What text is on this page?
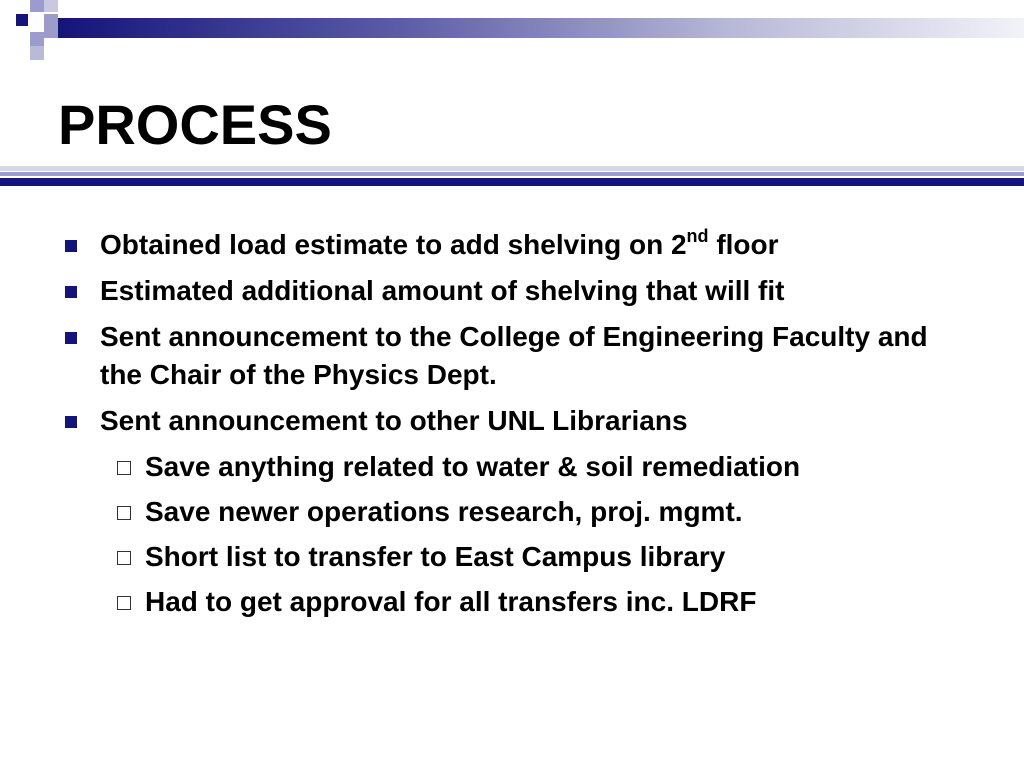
PROCESS
Obtained load estimate to add shelving on 2nd floor
Estimated additional amount of shelving that will fit
Sent announcement to the College of Engineering Faculty and the Chair of the Physics Dept.
Sent announcement to other UNL Librarians
Save anything related to water & soil remediation
Save newer operations research, proj. mgmt.
Short list to transfer to East Campus library
Had to get approval for all transfers inc. LDRF
